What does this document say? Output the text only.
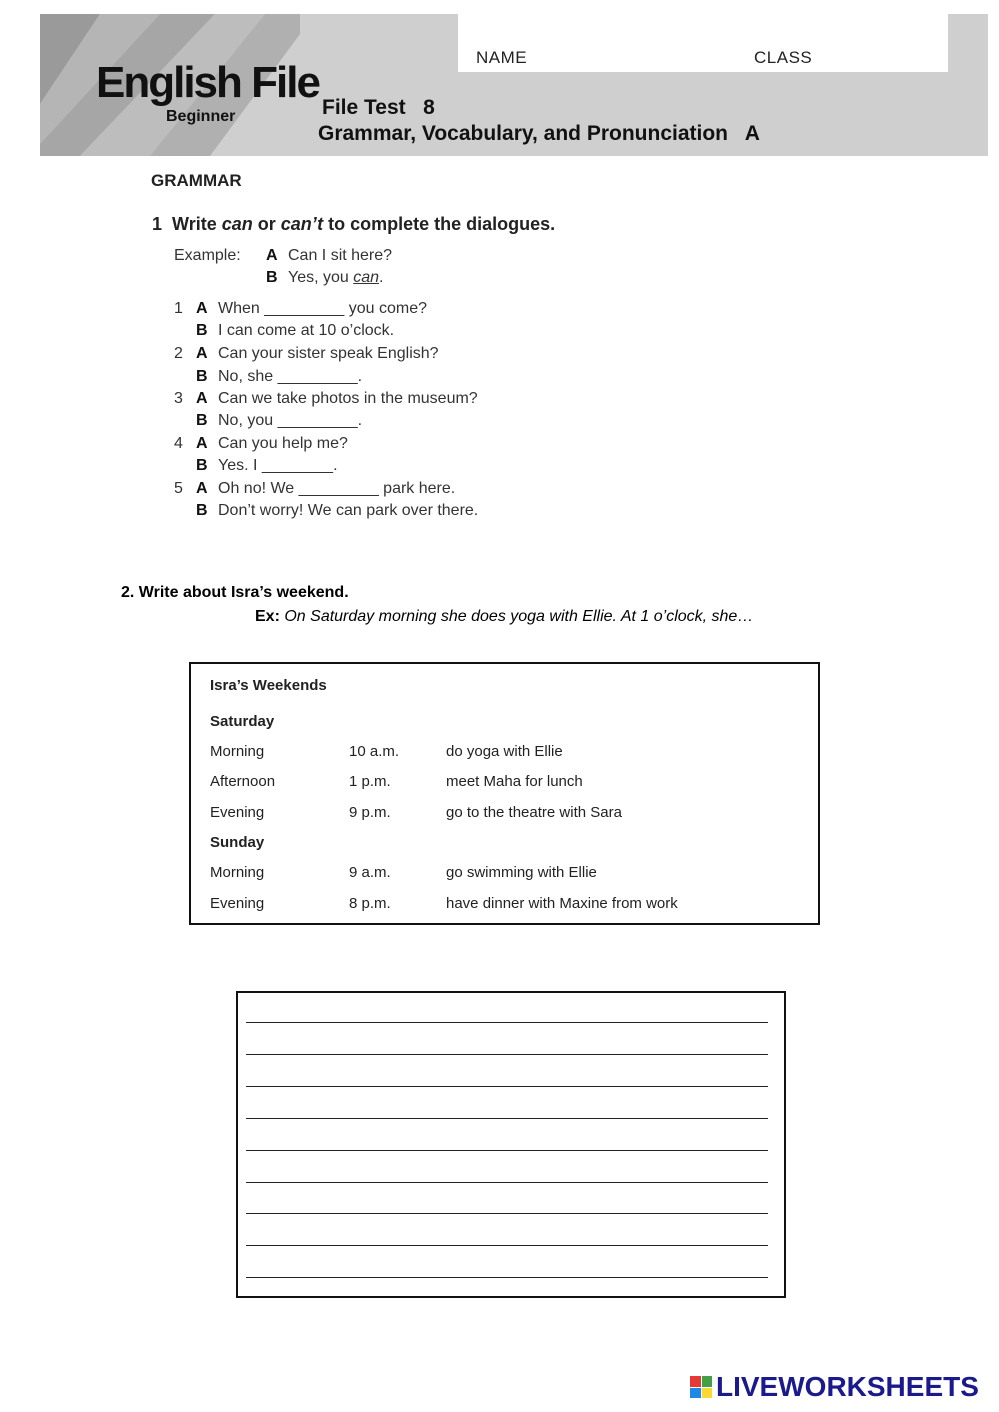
NAME	CLASS
English File
Beginner	File Test   8
Grammar, Vocabulary, and Pronunciation   A
GRAMMAR
1 Write can or can’t to complete the dialogues.
Example: A Can I sit here?
B Yes, you can.
1 A When _________ you come?
B I can come at 10 o’clock.
2 A Can your sister speak English?
B No, she _________.
3 A Can we take photos in the museum?
B No, you _________.
4 A Can you help me?
B Yes. I ________.
5 A Oh no! We _________ park here.
B Don’t worry! We can park over there.
2. Write about Isra’s weekend.
Ex: On Saturday morning she does yoga with Ellie. At 1 o’clock, she…
Isra’s Weekends
Saturday
Morning	10 a.m.	do yoga with Ellie
Afternoon	1 p.m.	meet Maha for lunch
Evening	9 p.m.	go to the theatre with Sara
Sunday
Morning	9 a.m.	go swimming with Ellie
Evening	8 p.m.	have dinner with Maxine from work
LIVEWORKSHEETS
